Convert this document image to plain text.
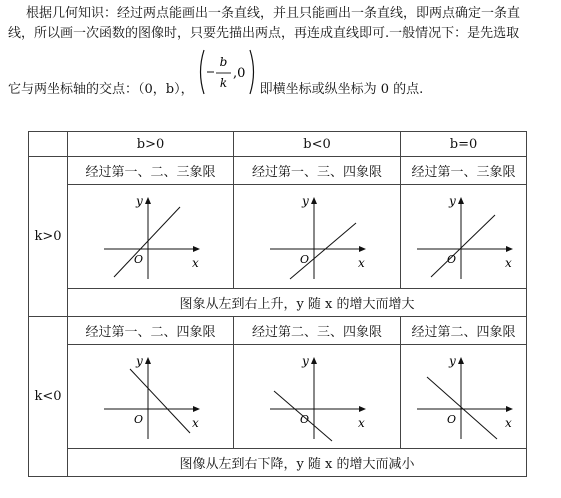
根据几何知识：经过两点能画出一条直线，并且只能画出一条直线，即两点确定一条直
线，所以画一次函数的图像时，只要先描出两点，再连成直线即可.一般情况下：是先选取
它与两坐标轴的交点：（0，b），	即横坐标或纵坐标为 0 的点.
b
k
,0
	b>0	b<0	b=0
k>0	经过第一、二、三象限	经过第一、三、四象限	经过第一、三象限

y
x
O	y
x
O	y
x
O

	图象从左到右上升，y 随 x 的增大而增大		
k<0	经过第一、二、四象限	经过第二、三、四象限	经过第二、四象限

y
x
O	y
x
O	y
x
O

	图像从左到右下降，y 随 x 的增大而减小		
头条 @小周老师
